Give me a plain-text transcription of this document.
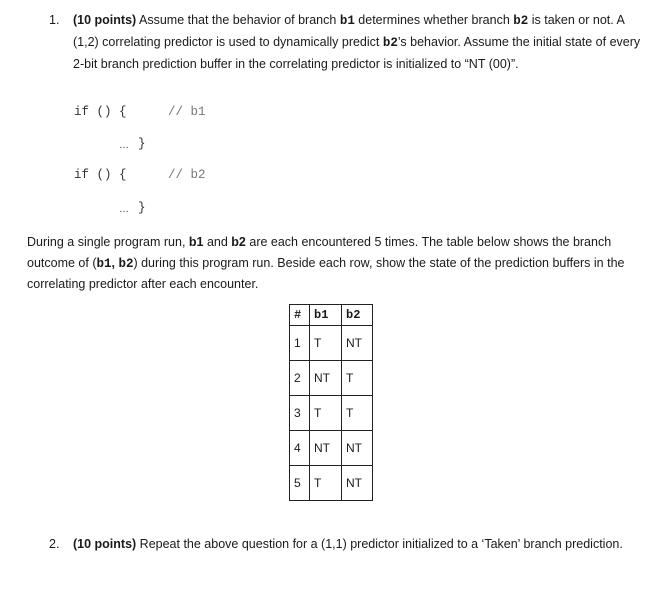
1. (10 points) Assume that the behavior of branch b1 determines whether branch b2 is taken or not. A (1,2) correlating predictor is used to dynamically predict b2’s behavior. Assume the initial state of every 2-bit branch prediction buffer in the correlating predictor is initialized to “NT (00)”.
if () {	// b1
… }
if () {	// b2
… }
During a single program run, b1 and b2 are each encountered 5 times. The table below shows the branch outcome of (b1, b2) during this program run. Beside each row, show the state of the prediction buffers in the correlating predictor after each encounter.
#	b1	b2
1	T	NT
2	NT	T
3	T	T
4	NT	NT
5	T	NT
2. (10 points) Repeat the above question for a (1,1) predictor initialized to a ‘Taken’ branch prediction.
